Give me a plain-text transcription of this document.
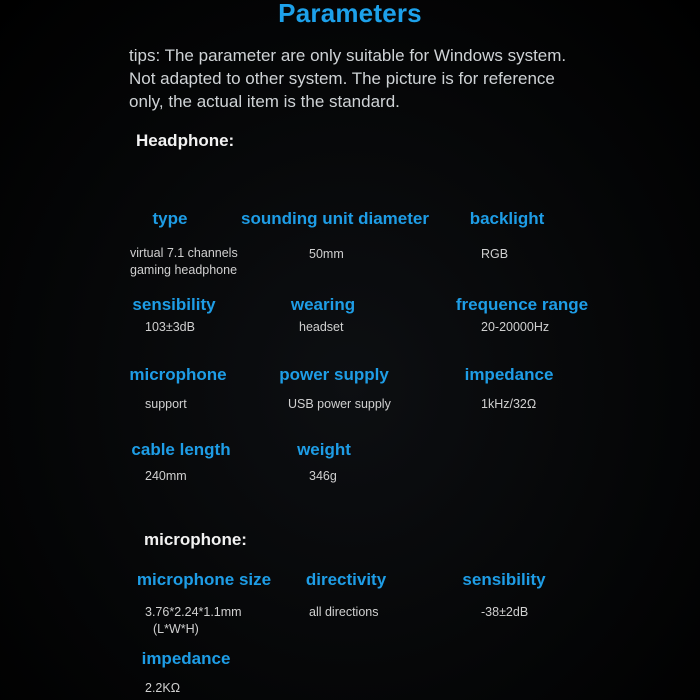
Parameters
tips: The parameter are only suitable for Windows system.
Not adapted to other system. The picture is for reference
only, the actual item is the standard.
Headphone:
type
virtual 7.1 channels
gaming headphone
sounding unit diameter
50mm
backlight
RGB
sensibility
103±3dB
wearing
headset
frequence range
20-20000Hz
microphone
support
power supply
USB power supply
impedance
1kHz/32Ω
cable length
240mm
weight
346g
microphone:
microphone size
3.76*2.24*1.1mm
(L*W*H)
directivity
all directions
sensibility
-38±2dB
impedance
2.2KΩ
